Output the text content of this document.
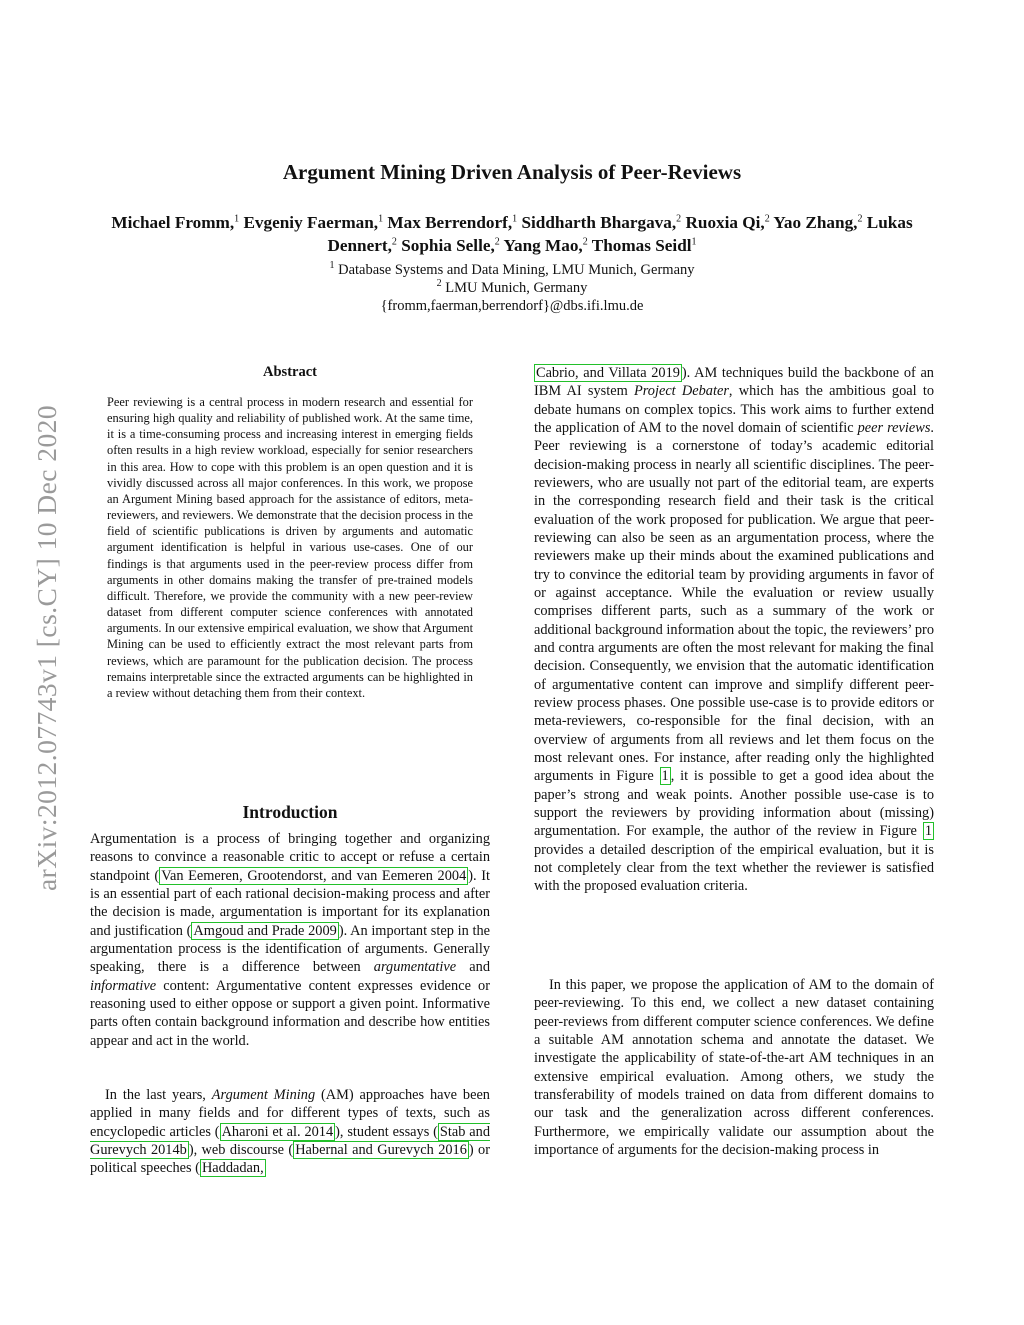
arXiv:2012.07743v1 [cs.CY] 10 Dec 2020
Argument Mining Driven Analysis of Peer-Reviews

Michael Fromm,$^1$ Evgeniy Faerman,$^1$ Max Berrendorf,$^1$ Siddharth Bhargava,$^2$ Ruoxia Qi,$^2$ Yao Zhang,$^2$ Lukas Dennert,$^2$ Sophia Selle,$^2$ Yang Mao,$^2$ Thomas Seidl$^1$

$^1$ Database Systems and Data Mining, LMU Munich, Germany

$^2$ LMU Munich, Germany

{fromm,faerman,berrendorf}@dbs.ifi.lmu.de

Abstract

Peer reviewing is a central process in modern research and essential for ensuring high quality and reliability of published work. At the same time, it is a time-consuming process and increasing interest in emerging fields often results in a high review workload, especially for senior researchers in this area. How to cope with this problem is an open question and it is vividly discussed across all major conferences. In this work, we propose an Argument Mining based approach for the assistance of editors, meta-reviewers, and reviewers. We demonstrate that the decision process in the field of scientific publications is driven by arguments and automatic argument identification is helpful in various use-cases. One of our findings is that arguments used in the peer-review process differ from arguments in other domains making the transfer of pre-trained models difficult. Therefore, we provide the community with a new peer-review dataset from different computer science conferences with annotated arguments. In our extensive empirical evaluation, we show that Argument Mining can be used to efficiently extract the most relevant parts from reviews, which are paramount for the publication decision. The process remains interpretable since the extracted arguments can be highlighted in a review without detaching them from their context.

Introduction

Argumentation is a process of bringing together and organizing reasons to convince a reasonable critic to accept or refuse a certain standpoint ( Van Eemeren, Grootendorst, and van Eemeren 2004 ). It is an essential part of each rational decision-making process and after the decision is made, argumentation is important for its explanation and justification ( Amgoud and Prade 2009 ). An important step in the argumentation process is the identification of arguments. Generally speaking, there is a difference between argumentative and informative content: Argumentative content expresses evidence or reasoning used to either oppose or support a given point. Informative parts often contain background information and describe how entities appear and act in the world.

In the last years, Argument Mining (AM) approaches have been applied in many fields and for different types of texts, such as encyclopedic articles ( Aharoni et al. 2014 ), student essays ( Stab and Gurevych 2014b ), web discourse ( Habernal and Gurevych 2016 ) or political speeches ( Haddadan,

Cabrio, and Villata 2019 ). AM techniques build the backbone of an IBM AI system Project Debater, which has the ambitious goal to debate humans on complex topics. This work aims to further extend the application of AM to the novel domain of scientific peer reviews. Peer reviewing is a cornerstone of today’s academic editorial decision-making process in nearly all scientific disciplines. The peer-reviewers, who are usually not part of the editorial team, are experts in the corresponding research field and their task is the critical evaluation of the work proposed for publication. We argue that peer-reviewing can also be seen as an argumentation process, where the reviewers make up their minds about the examined publications and try to convince the editorial team by providing arguments in favor of or against acceptance. While the evaluation or review usually comprises different parts, such as a summary of the work or additional background information about the topic, the reviewers’ pro and contra arguments are often the most relevant for making the final decision. Consequently, we envision that the automatic identification of argumentative content can improve and simplify different peer-review process phases. One possible use-case is to provide editors or meta-reviewers, co-responsible for the final decision, with an overview of arguments from all reviews and let them focus on the most relevant ones. For instance, after reading only the highlighted arguments in Figure 1 , it is possible to get a good idea about the paper’s strong and weak points. Another possible use-case is to support the reviewers by providing information about (missing) argumentation. For example, the author of the review in Figure 1 provides a detailed description of the empirical evaluation, but it is not completely clear from the text whether the reviewer is satisfied with the proposed evaluation criteria.

In this paper, we propose the application of AM to the domain of peer-reviewing. To this end, we collect a new dataset containing peer-reviews from different computer science conferences. We define a suitable AM annotation schema and annotate the dataset. We investigate the applicability of state-of-the-art AM techniques in an extensive empirical evaluation. Among others, we study the transferability of models trained on data from different domains to our task and the generalization across different conferences. Furthermore, we empirically validate our assumption about the importance of arguments for the decision-making process in
